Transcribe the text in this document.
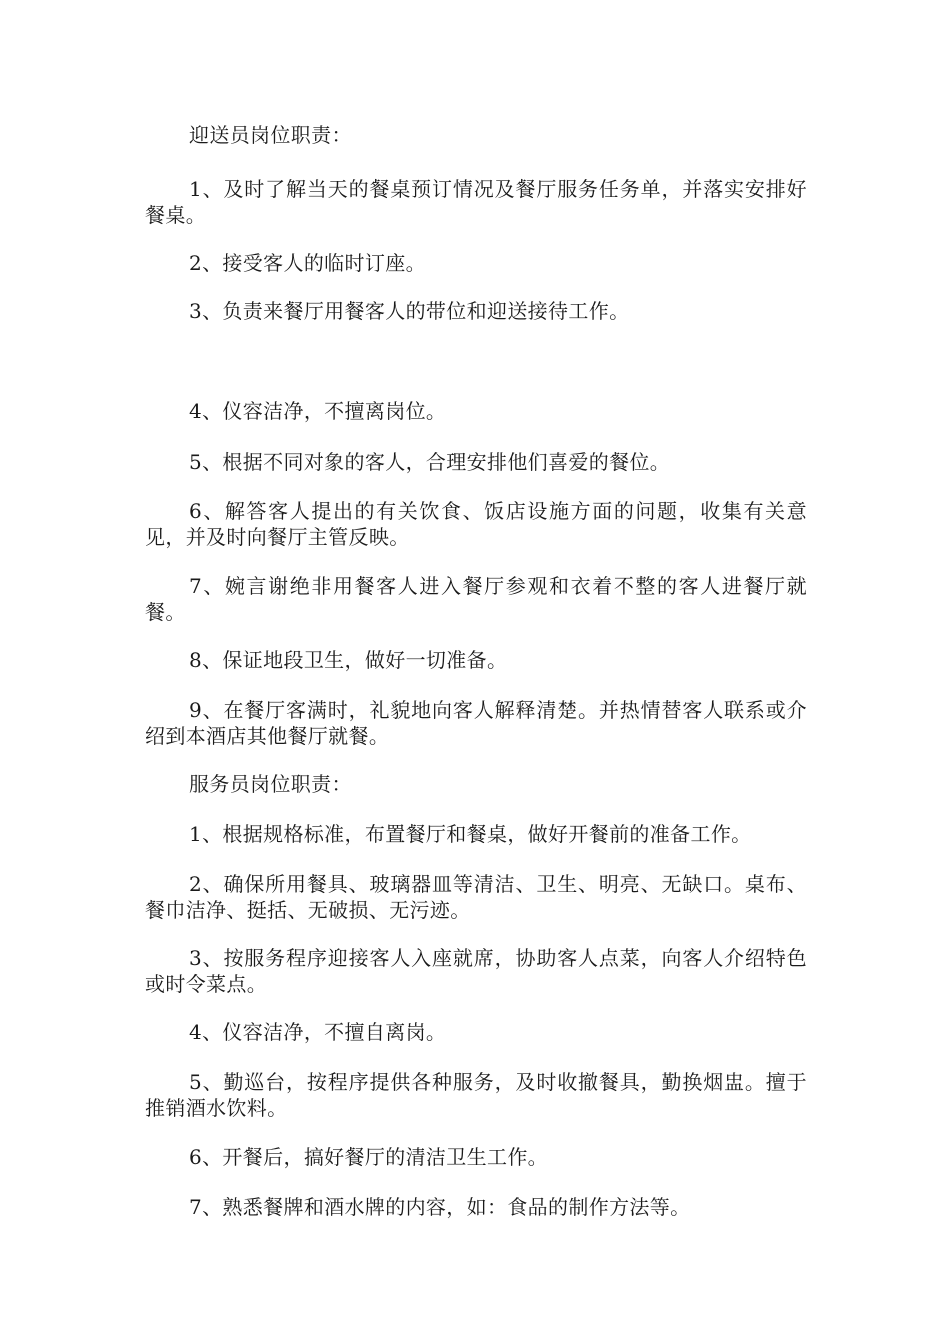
迎送员岗位职责：

1、及时了解当天的餐桌预订情况及餐厅服务任务单，并落实安排好餐桌。

2、接受客人的临时订座。

3、负责来餐厅用餐客人的带位和迎送接待工作。

4、仪容洁净，不擅离岗位。

5、根据不同对象的客人，合理安排他们喜爱的餐位。

6、解答客人提出的有关饮食、饭店设施方面的问题，收集有关意见，并及时向餐厅主管反映。

7、婉言谢绝非用餐客人进入餐厅参观和衣着不整的客人进餐厅就餐。

8、保证地段卫生，做好一切准备。

9、在餐厅客满时，礼貌地向客人解释清楚。并热情替客人联系或介绍到本酒店其他餐厅就餐。

服务员岗位职责：

1、根据规格标准，布置餐厅和餐桌，做好开餐前的准备工作。

2、确保所用餐具、玻璃器皿等清洁、卫生、明亮、无缺口。桌布、餐巾洁净、挺括、无破损、无污迹。

3、按服务程序迎接客人入座就席，协助客人点菜，向客人介绍特色或时令菜点。

4、仪容洁净，不擅自离岗。

5、勤巡台，按程序提供各种服务，及时收撤餐具，勤换烟盅。擅于推销酒水饮料。

6、开餐后，搞好餐厅的清洁卫生工作。

7、熟悉餐牌和酒水牌的内容，如：食品的制作方法等。
